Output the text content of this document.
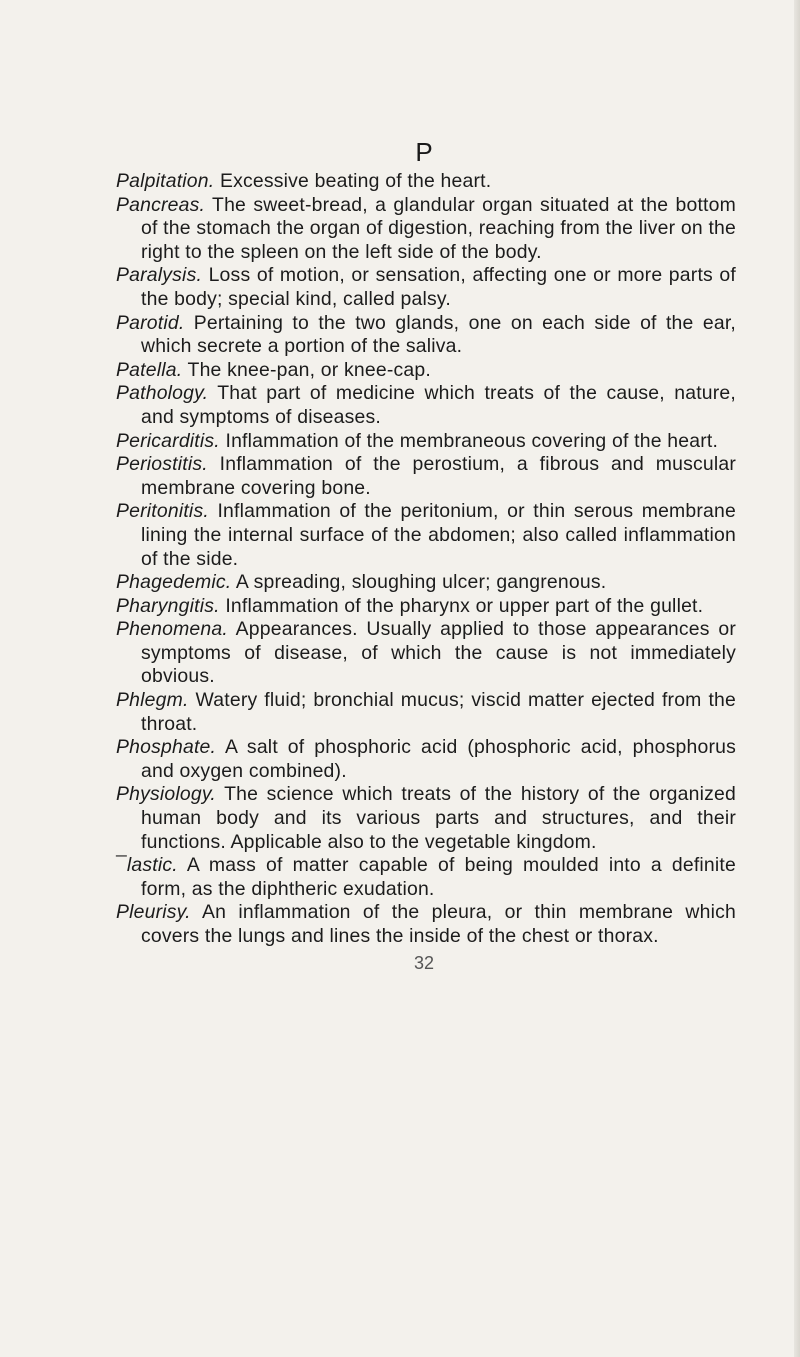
P

Palpitation. Excessive beating of the heart.

Pancreas. The sweet-bread, a glandular organ situated at the bottom of the stomach the organ of digestion, reaching from the liver on the right to the spleen on the left side of the body.

Paralysis. Loss of motion, or sensation, affecting one or more parts of the body; special kind, called palsy.

Parotid. Pertaining to the two glands, one on each side of the ear, which secrete a portion of the saliva.

Patella. The knee-pan, or knee-cap.

Pathology. That part of medicine which treats of the cause, nature, and symptoms of diseases.

Pericarditis. Inflammation of the membraneous covering of the heart.

Periostitis. Inflammation of the perostium, a fibrous and muscular membrane covering bone.

Peritonitis. Inflammation of the peritonium, or thin serous membrane lining the internal surface of the abdomen; also called inflammation of the side.

Phagedemic. A spreading, sloughing ulcer; gangrenous.

Pharyngitis. Inflammation of the pharynx or upper part of the gullet.

Phenomena. Appearances. Usually applied to those appearances or symptoms of disease, of which the cause is not immediately obvious.

Phlegm. Watery fluid; bronchial mucus; viscid matter ejected from the throat.

Phosphate. A salt of phosphoric acid (phosphoric acid, phosphorus and oxygen combined).

Physiology. The science which treats of the history of the organized human body and its various parts and structures, and their functions. Applicable also to the vegetable kingdom.

¯lastic. A mass of matter capable of being moulded into a definite form, as the diphtheric exudation.

Pleurisy. An inflammation of the pleura, or thin membrane which covers the lungs and lines the inside of the chest or thorax.

32
